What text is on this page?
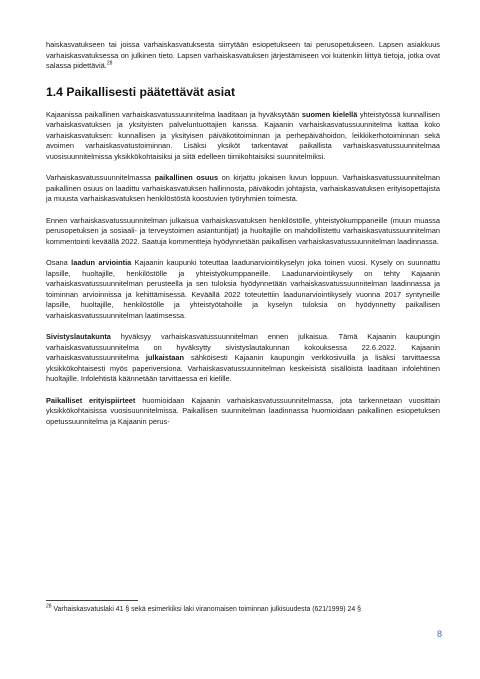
haiskasvatukseen tai joissa varhaiskasvatuksesta siirrytään esiopetukseen tai perusopetukseen. Lapsen asiakkuus varhaiskasvatuksessa on julkinen tieto. Lapsen varhaiskasvatuksen järjestämiseen voi kuitenkin liittyä tietoja, jotka ovat salassa pidettäviä.$^{28}$

1.4 Paikallisesti päätettävät asiat

Kajaanissa paikallinen varhaiskasvatussuunnitelma laaditaan ja hyväksytään suomen kielellä yhteistyössä kunnallisen varhaiskasvatuksen ja yksityisten palveluntuottajien kanssa. Kajaanin varhaiskasvatussuunnitelma kattaa koko varhaiskasvatuksen: kunnallisen ja yksityisen päiväkotitoiminnan ja perhepäivähoidon, leikkikerhotoiminnan sekä avoimen varhaiskasvatustoiminnan. Lisäksi yksiköt tarkentavat paikallista varhaiskasvatussuunnitelmaa vuosisuunnitelmissa yksikkökohtaisiksi ja siitä edelleen tiimikohtaisiksi suunnitelmiksi.

Varhaiskasvatussuunnitelmassa paikallinen osuus on kirjattu jokaisen luvun loppuun. Varhaiskasvatussuunnitelman paikallinen osuus on laadittu varhaiskasvatuksen hallinnosta, päiväkodin johtajista, varhaiskasvatuksen erityisopettajista ja muusta varhaiskasvatuksen henkilöstöstä koostuvien työryhmien toimesta.

Ennen varhaiskasvatussuunnitelman julkaisua varhaiskasvatuksen henkilöstölle, yhteistyökumppaneille (muun muassa perusopetuksen ja sosiaali- ja terveystoimen asiantuntijat) ja huoltajille on mahdollistettu varhaiskasvatussuunnitelman kommentointi keväällä 2022. Saatuja kommentteja hyödynnetään paikallisen varhaiskasvatussuunnitelman laadinnassa.

Osana laadun arviointia Kajaanin kaupunki toteuttaa laadunarviointikyselyn joka toinen vuosi. Kysely on suunnattu lapsille, huoltajille, henkilöstölle ja yhteistyökumppaneille. Laadunarviointikysely on tehty Kajaanin varhaiskasvatussuunnitelman perusteella ja sen tuloksia hyödynnetään varhaiskasvatussuunnitelman laadinnassa ja toiminnan arvioinnissa ja kehittämisessä. Keväällä 2022 toteutettiin laadunarviointikysely vuonna 2017 syntyneille lapsille, huoltajille, henkilöstölle ja yhteistyötahoille ja kyselyn tuloksia on hyödynnetty paikallisen varhaiskasvatussuunnitelman laatimsessa.

Sivistyslautakunta hyväksyy varhaiskasvatussuunnitelman ennen julkaisua. Tämä Kajaanin kaupungin varhaiskasvatussuunnitelma on hyväksytty sivistyslautakunnan kokouksessa 22.6.2022. Kajaanin varhaiskasvatussuunnitelma julkaistaan sähköisesti Kajaanin kaupungin verkkosivuilla ja lisäksi tarvittaessa yksikkökohtaisesti myös paperiversiona. Varhaiskasvatussuunnitelman keskeisistä sisällöistä laaditaan infolehtinen huoltajille. Infolehtistä käännetään tarvittaessa eri kielille.

Paikalliset erityispiirteet huomioidaan Kajaanin varhaiskasvatussuunnitelmassa, jota tarkennetaan vuosittain yksikkökohtaisissa vuosisuunnitelmissa. Paikallisen suunnitelman laadinnassa huomioidaan paikallinen esiopetuksen opetussuunnitelma ja Kajaanin perus-

$^{28}$ Varhaiskasvatuslaki 41 § sekä esimerkiksi laki viranomaisen toiminnan julkisuudesta (621/1999) 24 §
8
